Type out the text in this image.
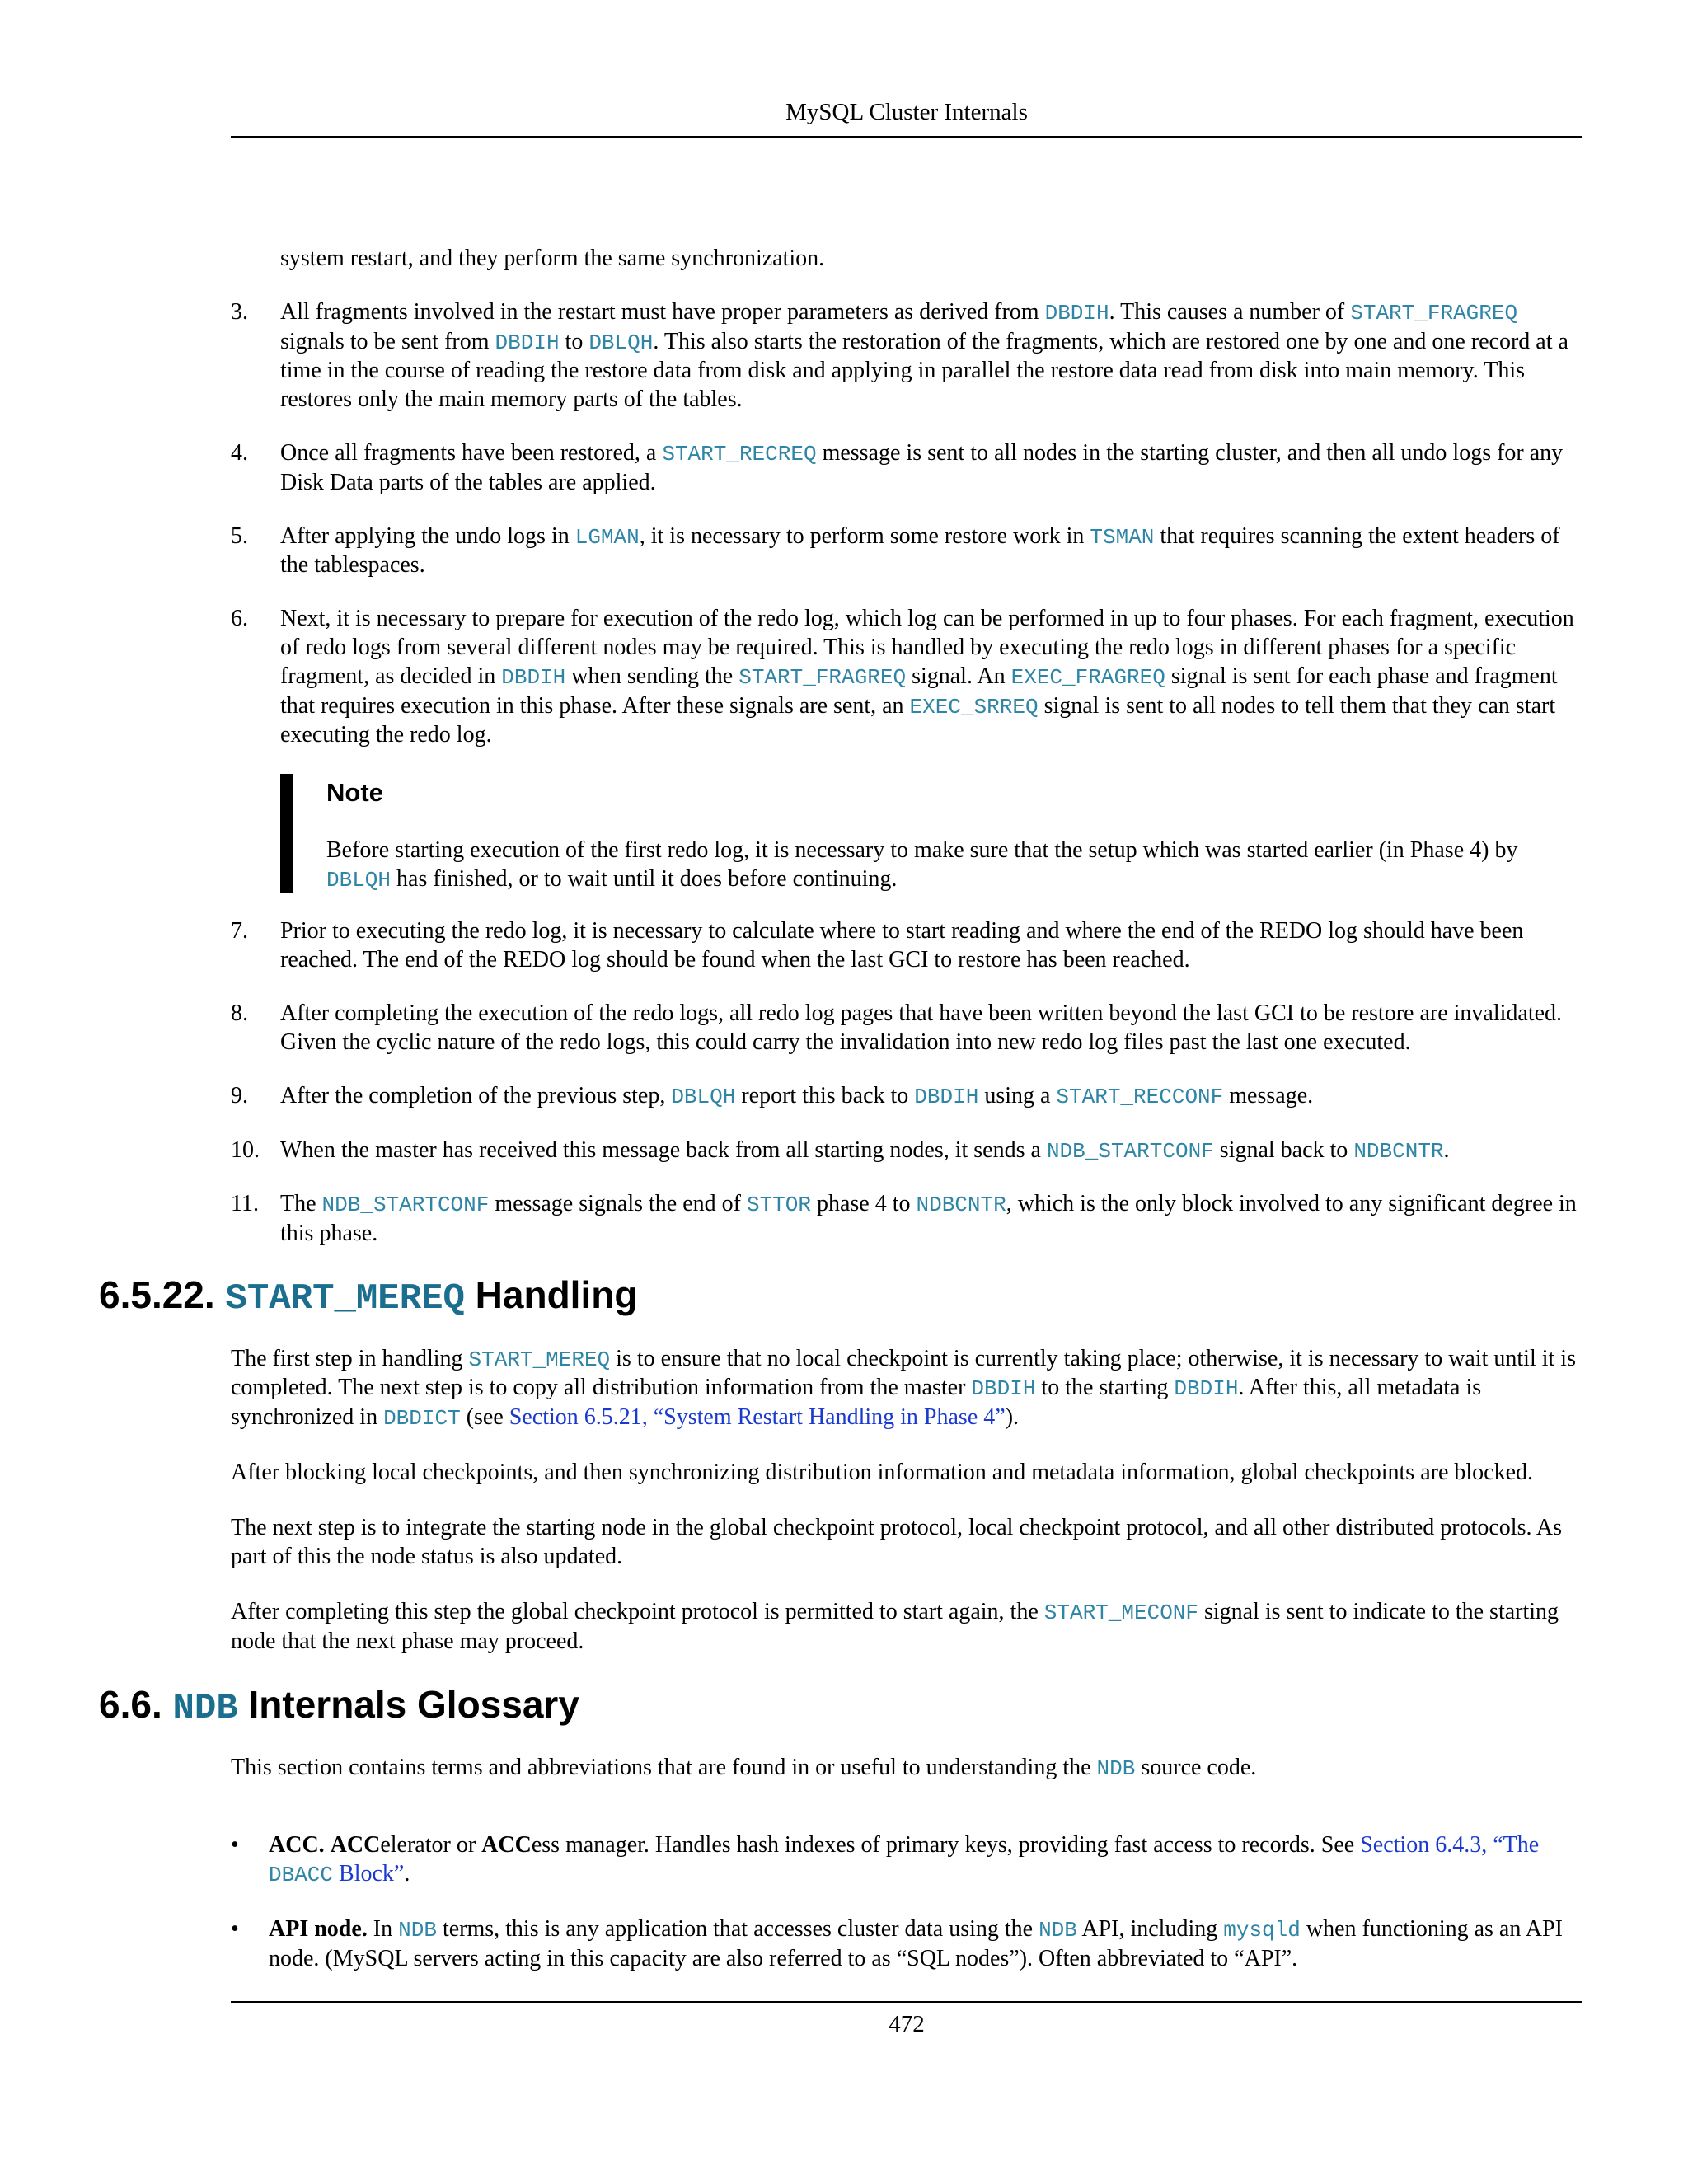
MySQL Cluster Internals

system restart, and they perform the same synchronization.

3. All fragments involved in the restart must have proper parameters as derived from DBDIH. This causes a number of START_FRAGREQ signals to be sent from DBDIH to DBLQH. This also starts the restoration of the fragments, which are restored one by one and one record at a time in the course of reading the restore data from disk and applying in parallel the restore data read from disk into main memory. This restores only the main memory parts of the tables.
4. Once all fragments have been restored, a START_RECREQ message is sent to all nodes in the starting cluster, and then all undo logs for any Disk Data parts of the tables are applied.
5. After applying the undo logs in LGMAN, it is necessary to perform some restore work in TSMAN that requires scanning the extent headers of the tablespaces.
6. Next, it is necessary to prepare for execution of the redo log, which log can be performed in up to four phases. For each fragment, execution of redo logs from several different nodes may be required. This is handled by executing the redo logs in different phases for a specific fragment, as decided in DBDIH when sending the START_FRAGREQ signal. An EXEC_FRAGREQ signal is sent for each phase and fragment that requires execution in this phase. After these signals are sent, an EXEC_SRREQ signal is sent to all nodes to tell them that they can start executing the redo log.
Note

Before starting execution of the first redo log, it is necessary to make sure that the setup which was started earlier (in Phase 4) by DBLQH has finished, or to wait until it does before continuing.

7. Prior to executing the redo log, it is necessary to calculate where to start reading and where the end of the REDO log should have been reached. The end of the REDO log should be found when the last GCI to restore has been reached.
8. After completing the execution of the redo logs, all redo log pages that have been written beyond the last GCI to be restore are invalidated. Given the cyclic nature of the redo logs, this could carry the invalidation into new redo log files past the last one executed.
9. After the completion of the previous step, DBLQH report this back to DBDIH using a START_RECCONF message.
10. When the master has received this message back from all starting nodes, it sends a NDB_STARTCONF signal back to NDBCNTR.
11. The NDB_STARTCONF message signals the end of STTOR phase 4 to NDBCNTR, which is the only block involved to any significant degree in this phase.
6.5.22. START_MEREQ Handling

The first step in handling START_MEREQ is to ensure that no local checkpoint is currently taking place; otherwise, it is necessary to wait until it is completed. The next step is to copy all distribution information from the master DBDIH to the starting DBDIH. After this, all metadata is synchronized in DBDICT (see Section 6.5.21, “System Restart Handling in Phase 4”).

After blocking local checkpoints, and then synchronizing distribution information and metadata information, global checkpoints are blocked.

The next step is to integrate the starting node in the global checkpoint protocol, local checkpoint protocol, and all other distributed protocols. As part of this the node status is also updated.

After completing this step the global checkpoint protocol is permitted to start again, the START_MECONF signal is sent to indicate to the starting node that the next phase may proceed.

6.6. NDB Internals Glossary

This section contains terms and abbreviations that are found in or useful to understanding the NDB source code.

• ACC. ACCelerator or ACCess manager. Handles hash indexes of primary keys, providing fast access to records. See Section 6.4.3, “The DBACC Block”.
• API node. In NDB terms, this is any application that accesses cluster data using the NDB API, including mysqld when functioning as an API node. (MySQL servers acting in this capacity are also referred to as “SQL nodes”). Often abbreviated to “API”.
472
